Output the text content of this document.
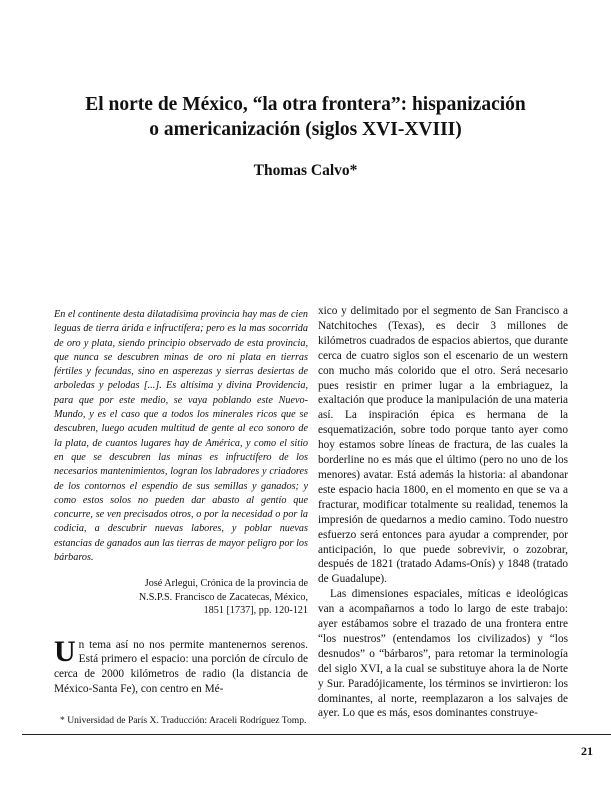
El norte de México, “la otra frontera”: hispanización
o americanización (siglos XVI-XVIII)
Thomas Calvo*

En el continente desta dilatadísima provincia hay mas de cien leguas de tierra árida e infructífera; pero es la mas socorrida de oro y plata, siendo principio observado de esta provincia, que nunca se descubren minas de oro ni plata en tierras fértiles y fecundas, sino en asperezas y sierras desiertas de arboledas y pelodas [...]. Es altísima y divina Providencia, para que por este medio, se vaya poblando este Nuevo-Mundo, y es el caso que a todos los minerales ricos que se descubren, luego acuden multitud de gente al eco sonoro de la plata, de cuantos lugares hay de América, y como el sitio en que se descubren las minas es infructífero de los necesarios mantenimientos, logran los labradores y criadores de los contornos el espendio de sus semillas y ganados; y como estos solos no pueden dar abasto al gentío que concurre, se ven precisados otros, o por la necesidad o por la codicia, a descubrir nuevas labores, y poblar nuevas estancias de ganados aun las tierras de mayor peligro por los bárbaros.

José Arlegui, Crónica de la provincia de
N.S.P.S. Francisco de Zacatecas, México,
1851 [1737], pp. 120-121
U n tema así no nos permite mantenernos serenos. Está primero el espacio: una porción de círculo de cerca de 2000 kilómetros de radio (la distancia de México-Santa Fe), con centro en Mé-
* Universidad de París X. Traducción: Araceli Rodríguez Tomp.

xico y delimitado por el segmento de San Francisco a Natchitoches (Texas), es decir 3 millones de kilómetros cuadrados de espacios abiertos, que durante cerca de cuatro siglos son el escenario de un western con mucho más colorido que el otro. Será necesario pues resistir en primer lugar a la embriaguez, la exaltación que produce la manipulación de una materia así. La inspiración épica es hermana de la esquematización, sobre todo porque tanto ayer como hoy estamos sobre líneas de fractura, de las cuales la borderline no es más que el último (pero no uno de los menores) avatar. Está además la historia: al abandonar este espacio hacia 1800, en el momento en que se va a fracturar, modificar totalmente su realidad, tenemos la impresión de quedarnos a medio camino. Todo nuestro esfuerzo será entonces para ayudar a comprender, por anticipación, lo que puede sobrevivir, o zozobrar, después de 1821 (tratado Adams-Onís) y 1848 (tratado de Guadalupe).

Las dimensiones espaciales, míticas e ideológicas van a acompañarnos a todo lo largo de este trabajo: ayer estábamos sobre el trazado de una frontera entre “los nuestros” (entendamos los civilizados) y “los desnudos” o “bárbaros”, para retomar la terminología del siglo XVI, a la cual se substituye ahora la de Norte y Sur. Paradójicamente, los términos se invirtieron: los dominantes, al norte, reemplazaron a los salvajes de ayer. Lo que es más, esos dominantes construye-

21
